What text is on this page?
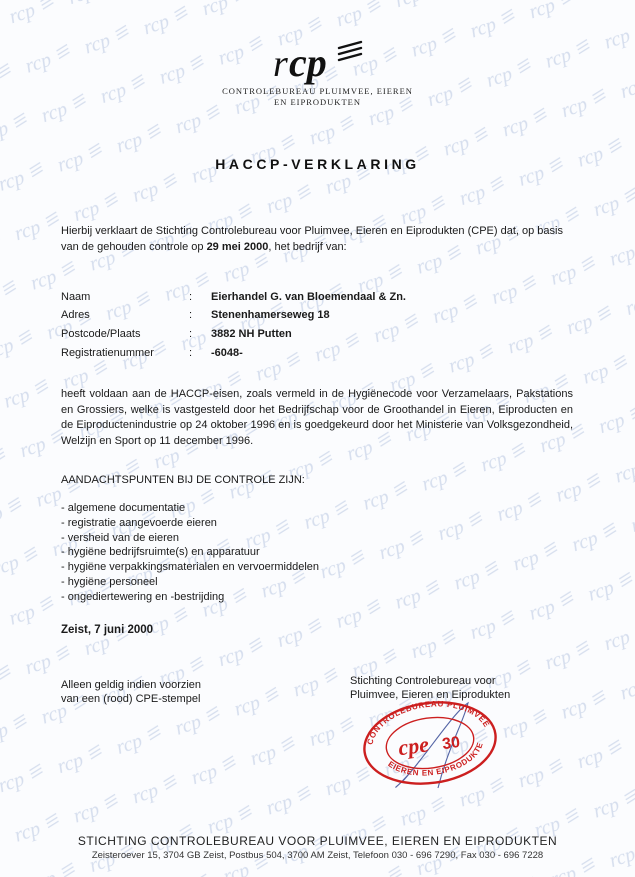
r cp
CONTROLEBUREAU PLUIMVEE, EIEREN
EN EIPRODUKTEN
HACCP-VERKLARING
Hierbij verklaart de Stichting Controlebureau voor Pluimvee, Eieren en Eiprodukten (CPE) dat, op basis
van de gehouden controle op 29 mei 2000, het bedrijf van:
Naam	: Eierhandel G. van Bloemendaal & Zn.
Adres	: Stenenhamerseweg 18
Postcode/Plaats	: 3882 NH Putten
Registratienummer	: -6048-
heeft voldaan aan de HACCP-eisen, zoals vermeld in de Hygiënecode voor Verzamelaars, Pakstations en Grossiers, welke is vastgesteld door het Bedrijfschap voor de Groothandel in Eieren, Eiproducten en de Eiproductenindustrie op 24 oktober 1996 en is goedgekeurd door het Ministerie van Volksgezondheid, Welzijn en Sport op 11 december 1996.
AANDACHTSPUNTEN BIJ DE CONTROLE ZIJN:
- algemene documentatie
- registratie aangevoerde eieren
- versheid van de eieren
- hygiëne bedrijfsruimte(s) en apparatuur
- hygiëne verpakkingsmaterialen en vervoermiddelen
- hygiëne personeel
- ongediertewering en -bestrijding
Zeist, 7 juni 2000
Alleen geldig indien voorzien
van een (rood) CPE-stempel
Stichting Controlebureau voor
Pluimvee, Eieren en Eiprodukten
CONTROLEBUREAU PLUIMVEE
EIEREN EN EIPRODUKTEN
cpe 30
STICHTING CONTROLEBUREAU VOOR PLUIMVEE, EIEREN EN EIPRODUKTEN
Zeisteroever 15, 3704 GB Zeist, Postbus 504, 3700 AM Zeist, Telefoon 030 - 696 7290, Fax 030 - 696 7228
